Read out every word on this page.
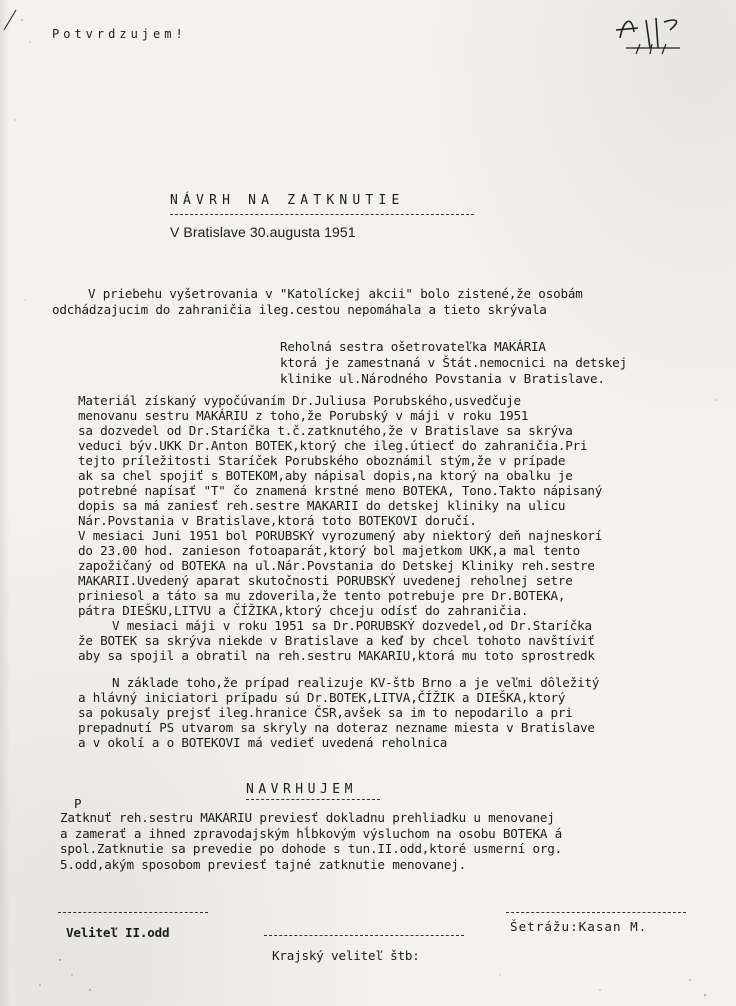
Potvrdzujem!
NÁVRH NA ZATKNUTIE
V Bratislave 30.augusta 1951
V priebehu vyšetrovania v "Katolíckej akcii" bolo zistené,že osobám
odchádzajucim do zahraničia ileg.cestou nepomáhala a tieto skrývala
Reholná sestra ošetrovateľka MAKÁRIA
ktorá je zamestnaná v Štát.nemocnici na detskej
klinike ul.Národného Povstania v Bratislave.
Materiál získaný vypočúvaním Dr.Juliusa Porubského,usvedčuje
menovanu sestru MAKÁRIU z toho,že Porubský v máji v roku 1951
sa dozvedel od Dr.Staríčka t.č.zatknutého,že v Bratislave sa skrýva
veduci býv.UKK Dr.Anton BOTEK,ktorý che ileg.útiecť do zahraničia.Pri
tejto príležitosti Staríček Porubského oboznámil stým,že v prípade
ak sa chel spojiť s BOTEKOM,aby nápisal dopis,na ktorý na obalku je
potrebné napísať "T" čo znamená krstné meno BOTEKA, Tono.Takto nápisaný
dopis sa má zaniesť reh.sestre MAKARII do detskej kliniky na ulicu
Nár.Povstania v Bratislave,ktorá toto BOTEKOVI doručí.
V mesiaci Juni 1951 bol PORUBSKÝ vyrozumený aby niektorý deň najneskorí
do 23.00 hod. zanieson fotoaparát,ktorý bol majetkom UKK,a mal tento
zapožičaný od BOTEKA na ul.Nár.Povstania do Detskej Kliniky reh.sestre
MAKARII.Uvedený aparat skutočnosti PORUBSKÝ uvedenej reholnej setre
priniesol a táto sa mu zdoverila,že tento potrebuje pre Dr.BOTEKA,
pátra DIEŠKU,LITVU a ČÍŽIKA,ktorý chceju odísť do zahraničia.
V mesiaci máji v roku 1951 sa Dr.PORUBSKÝ dozvedel,od Dr.Staríčka
že BOTEK sa skrýva niekde v Bratislave a keď by chcel tohoto navštíviť
aby sa spojil a obratil na reh.sestru MAKARIU,ktorá mu toto sprostredk
N základe toho,že prípad realizuje KV-štb Brno a je veľmi dôležitý
a hlávný iniciatori prípadu sú Dr.BOTEK,LITVA,ČÍŽIK a DIEŠKA,ktorý
sa pokusaly prejsť ileg.hranice ČSR,avšek sa im to nepodarilo a pri
prepadnutí PS utvarom sa skryly na doteraz nezname miesta v Bratislave
a v okolí a o BOTEKOVI má vedieť uvedená reholnica
NAVRHUJEM
P
Zatknuť reh.sestru MAKARIU previesť dokladnu prehliadku u menovanej
a zamerať a ihned zpravodajským hĺbkovým výsluchom na osobu BOTEKA á
spol.Zatknutie sa prevedie po dohode s tun.II.odd,ktoré usmerní org.
5.odd,akým sposobom previesť tajné zatknutie menovanej.
Veliteľ II.odd
Krajský veliteľ štb:
Šetrážu:Kasan M.
